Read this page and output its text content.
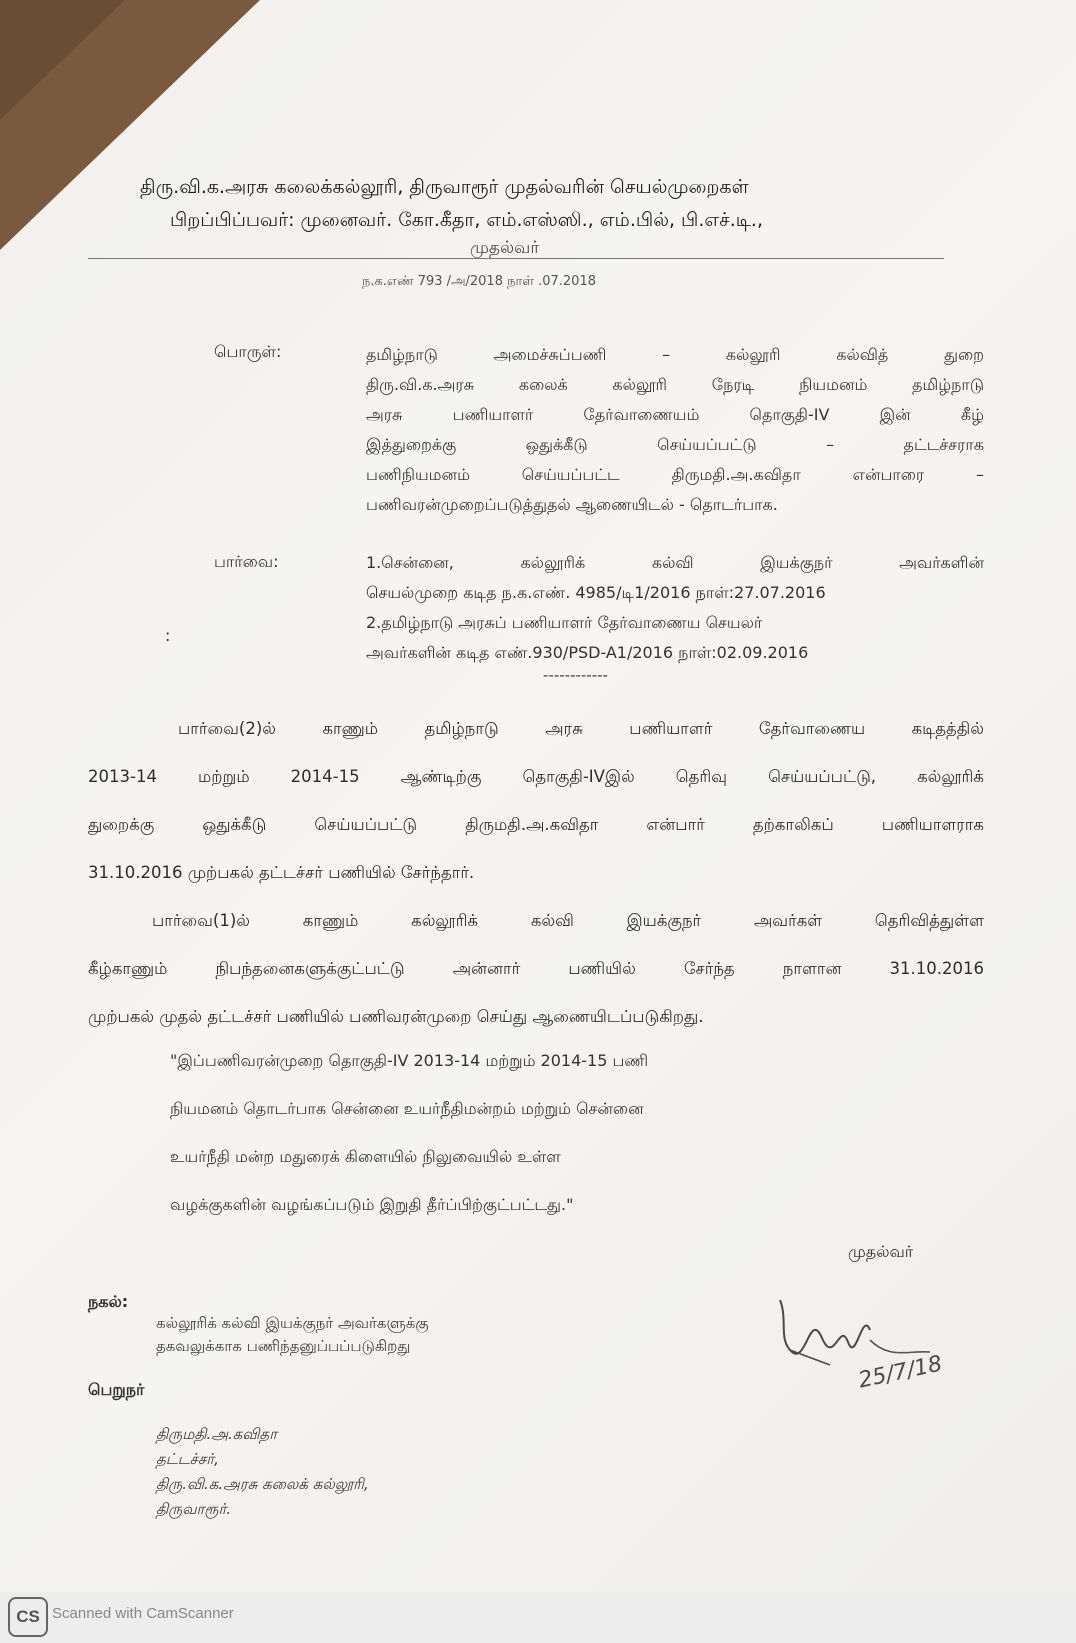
திரு.வி.க.அரசு கலைக்கல்லூரி, திருவாரூர் முதல்வரின் செயல்முறைகள்
பிறப்பிப்பவர்: முனைவர். கோ.கீதா, எம்.எஸ்ஸி., எம்.பில், பி.எச்.டி.,
முதல்வர்
ந.க.எண் 793 /அ/2018 நாள் .07.2018
பொருள்:	தமிழ்நாடு அமைச்சுப்பணி – கல்லூரி கல்வித் துறை

திரு.வி.க.அரசு கலைக் கல்லூரி நேரடி நியமனம் தமிழ்நாடு

அரசு பணியாளர் தேர்வாணையம் தொகுதி-IV இன் கீழ்

இத்துறைக்கு ஒதுக்கீடு செய்யப்பட்டு – தட்டச்சராக

பணிநியமனம் செய்யப்பட்ட திருமதி.அ.கவிதா என்பாரை –

பணிவரன்முறைப்படுத்துதல் ஆணையிடல் - தொடர்பாக.

பார்வை:	1.சென்னை, கல்லூரிக் கல்வி இயக்குநர் அவர்களின்

செயல்முறை கடித ந.க.எண். 4985/டி1/2016 நாள்:27.07.2016

2.தமிழ்நாடு அரசுப் பணியாளர் தேர்வாணைய செயலர்

அவர்களின் கடித எண்.930/PSD-A1/2016 நாள்:02.09.2016

:
------------

பார்வை(2)ல் காணும் தமிழ்நாடு அரசு பணியாளர் தேர்வாணைய கடிதத்தில்

2013-14 மற்றும் 2014-15 ஆண்டிற்கு தொகுதி-IVஇல் தெரிவு செய்யப்பட்டு, கல்லூரிக்

துறைக்கு ஒதுக்கீடு செய்யப்பட்டு திருமதி.அ.கவிதா என்பார் தற்காலிகப் பணியாளராக

31.10.2016 முற்பகல் தட்டச்சர் பணியில் சேர்ந்தார்.

பார்வை(1)ல் காணும் கல்லூரிக் கல்வி இயக்குநர் அவர்கள் தெரிவித்துள்ள

கீழ்காணும் நிபந்தனைகளுக்குட்பட்டு அன்னார் பணியில் சேர்ந்த நாளான 31.10.2016

முற்பகல் முதல் தட்டச்சர் பணியில் பணிவரன்முறை செய்து ஆணையிடப்படுகிறது.

"இப்பணிவரன்முறை தொகுதி-IV 2013-14 மற்றும் 2014-15 பணி

நியமனம் தொடர்பாக சென்னை உயர்நீதிமன்றம் மற்றும் சென்னை

உயர்நீதி மன்ற மதுரைக் கிளையில் நிலுவையில் உள்ள

வழக்குகளின் வழங்கப்படும் இறுதி தீர்ப்பிற்குட்பட்டது."

முதல்வர்
நகல்:
கல்லூரிக் கல்வி இயக்குநர் அவர்களுக்கு
தகவலுக்காக பணிந்தனுப்பப்படுகிறது
25/7/18
பெறுநர்
திருமதி.அ.கவிதா
தட்டச்சர்,
திரு.வி.க.அரசு கலைக் கல்லூரி,
திருவாரூர்.
CS Scanned with CamScanner
